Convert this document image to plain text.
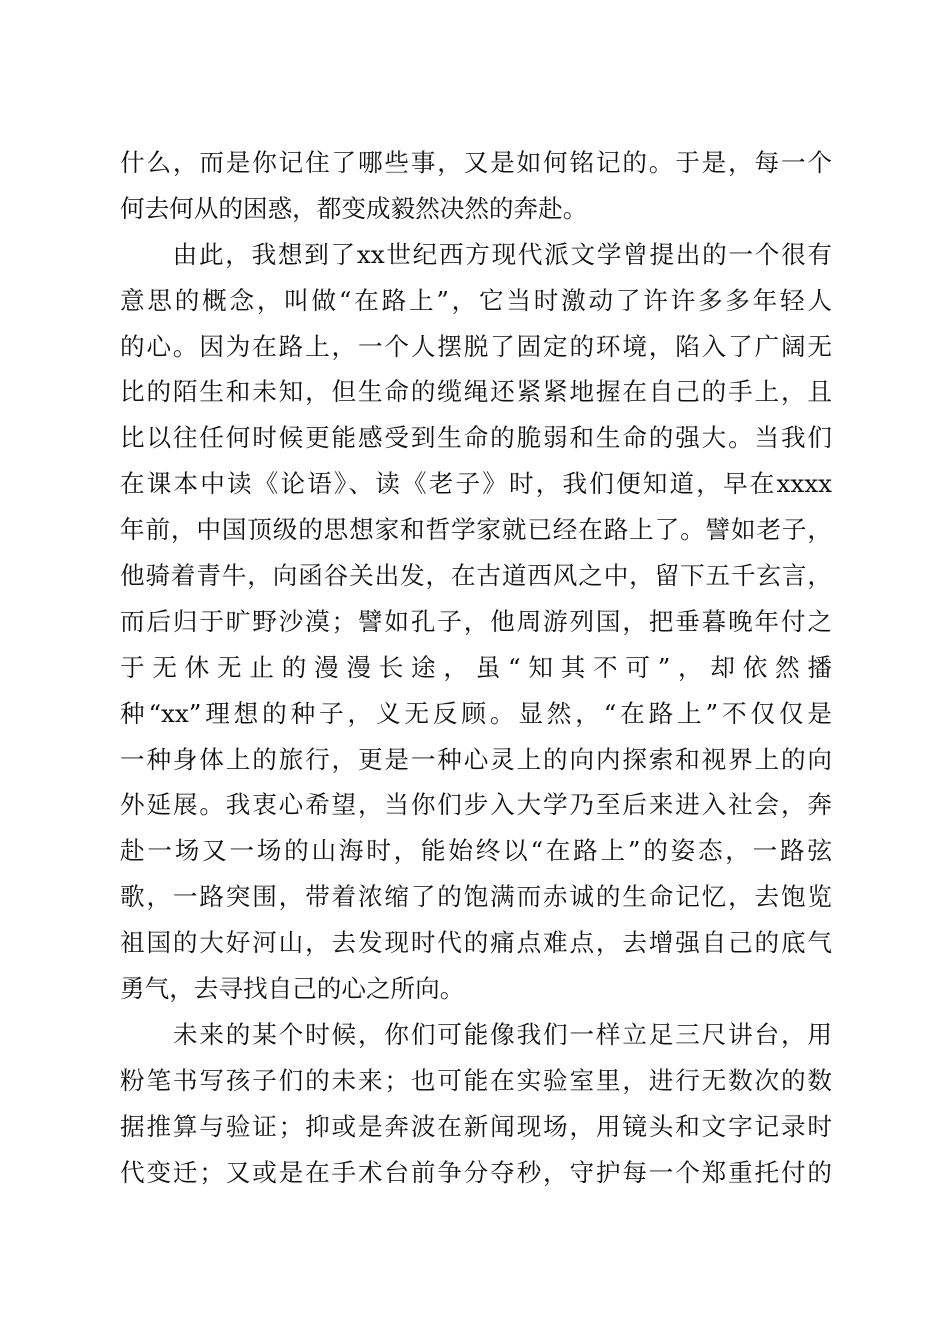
什么，而是你记住了哪些事，又是如何铭记的。于是，每一个
何去何从的困惑，都变成毅然决然的奔赴。
　　由此，我想到了xx世纪西方现代派文学曾提出的一个很有
意思的概念，叫做“在路上”，它当时激动了许许多多年轻人
的心。因为在路上，一个人摆脱了固定的环境，陷入了广阔无
比的陌生和未知，但生命的缆绳还紧紧地握在自己的手上，且
比以往任何时候更能感受到生命的脆弱和生命的强大。当我们
在课本中读《论语》、读《老子》时，我们便知道，早在xxxx
年前，中国顶级的思想家和哲学家就已经在路上了。譬如老子，
他骑着青牛，向函谷关出发，在古道西风之中，留下五千玄言，
而后归于旷野沙漠；譬如孔子，他周游列国，把垂暮晚年付之
于无休无止的漫漫长途，虽“知其不可”，却依然播
种“xx”理想的种子，义无反顾。显然，“在路上”不仅仅是
一种身体上的旅行，更是一种心灵上的向内探索和视界上的向
外延展。我衷心希望，当你们步入大学乃至后来进入社会，奔
赴一场又一场的山海时，能始终以“在路上”的姿态，一路弦
歌，一路突围，带着浓缩了的饱满而赤诚的生命记忆，去饱览
祖国的大好河山，去发现时代的痛点难点，去增强自己的底气
勇气，去寻找自己的心之所向。
　　未来的某个时候，你们可能像我们一样立足三尺讲台，用
粉笔书写孩子们的未来；也可能在实验室里，进行无数次的数
据推算与验证；抑或是奔波在新闻现场，用镜头和文字记录时
代变迁；又或是在手术台前争分夺秒，守护每一个郑重托付的
